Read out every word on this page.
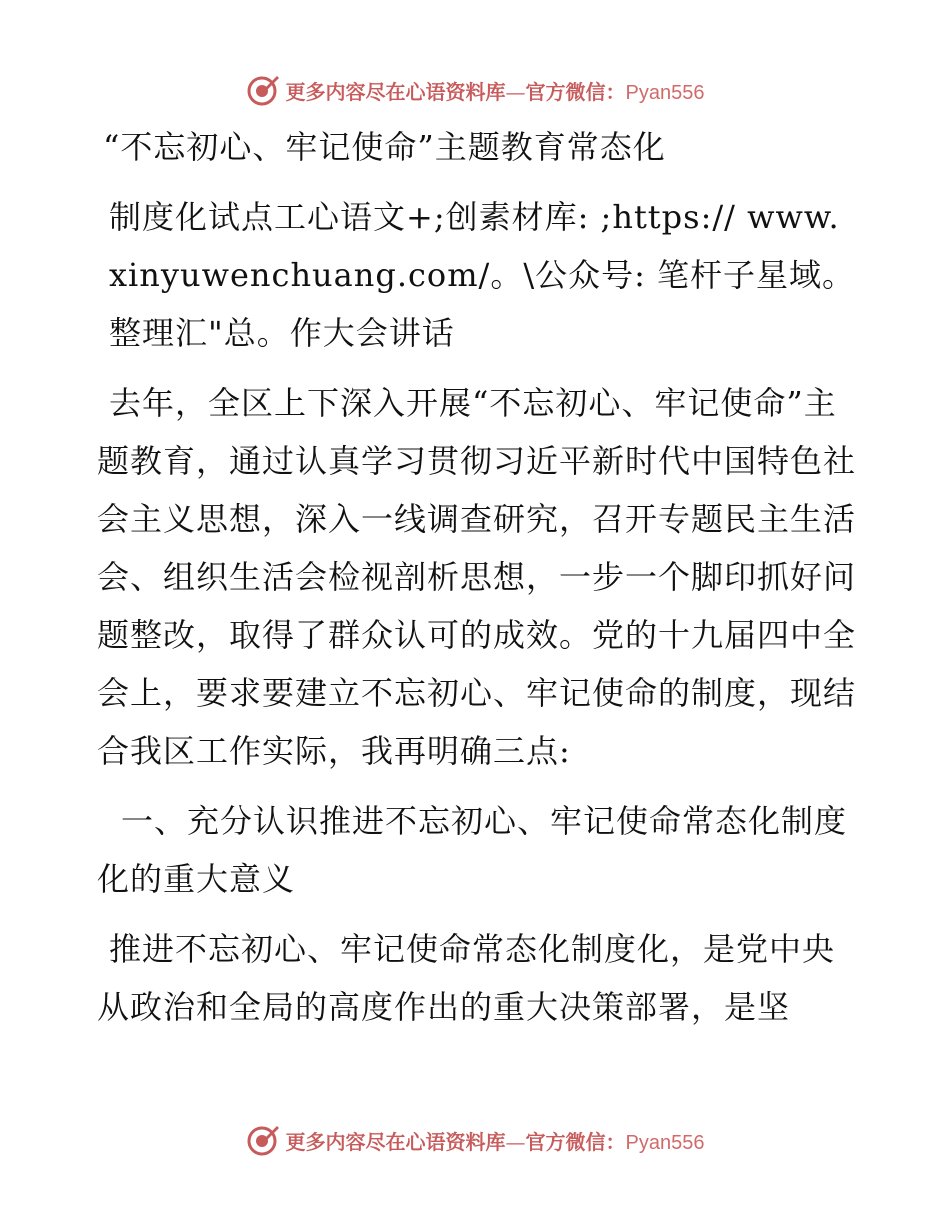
更多内容尽在心语资料库—官方微信：Pyan556

“不忘初心、牢记使命”主题教育常态化

制度化试点工心语文+;创素材库: ;https:// www.xinyuwenchuang.com/。\公众号: 笔杆子星域。整理汇"总。作大会讲话

去年，全区上下深入开展“不忘初心、牢记使命”主题教育，通过认真学习贯彻习近平新时代中国特色社会主义思想，深入一线调查研究，召开专题民主生活会、组织生活会检视剖析思想，一步一个脚印抓好问题整改，取得了群众认可的成效。党的十九届四中全会上，要求要建立不忘初心、牢记使命的制度，现结合我区工作实际，我再明确三点:

一、充分认识推进不忘初心、牢记使命常态化制度化的重大意义

推进不忘初心、牢记使命常态化制度化，是党中央从政治和全局的高度作出的重大决策部署，是坚

更多内容尽在心语资料库—官方微信：Pyan556
